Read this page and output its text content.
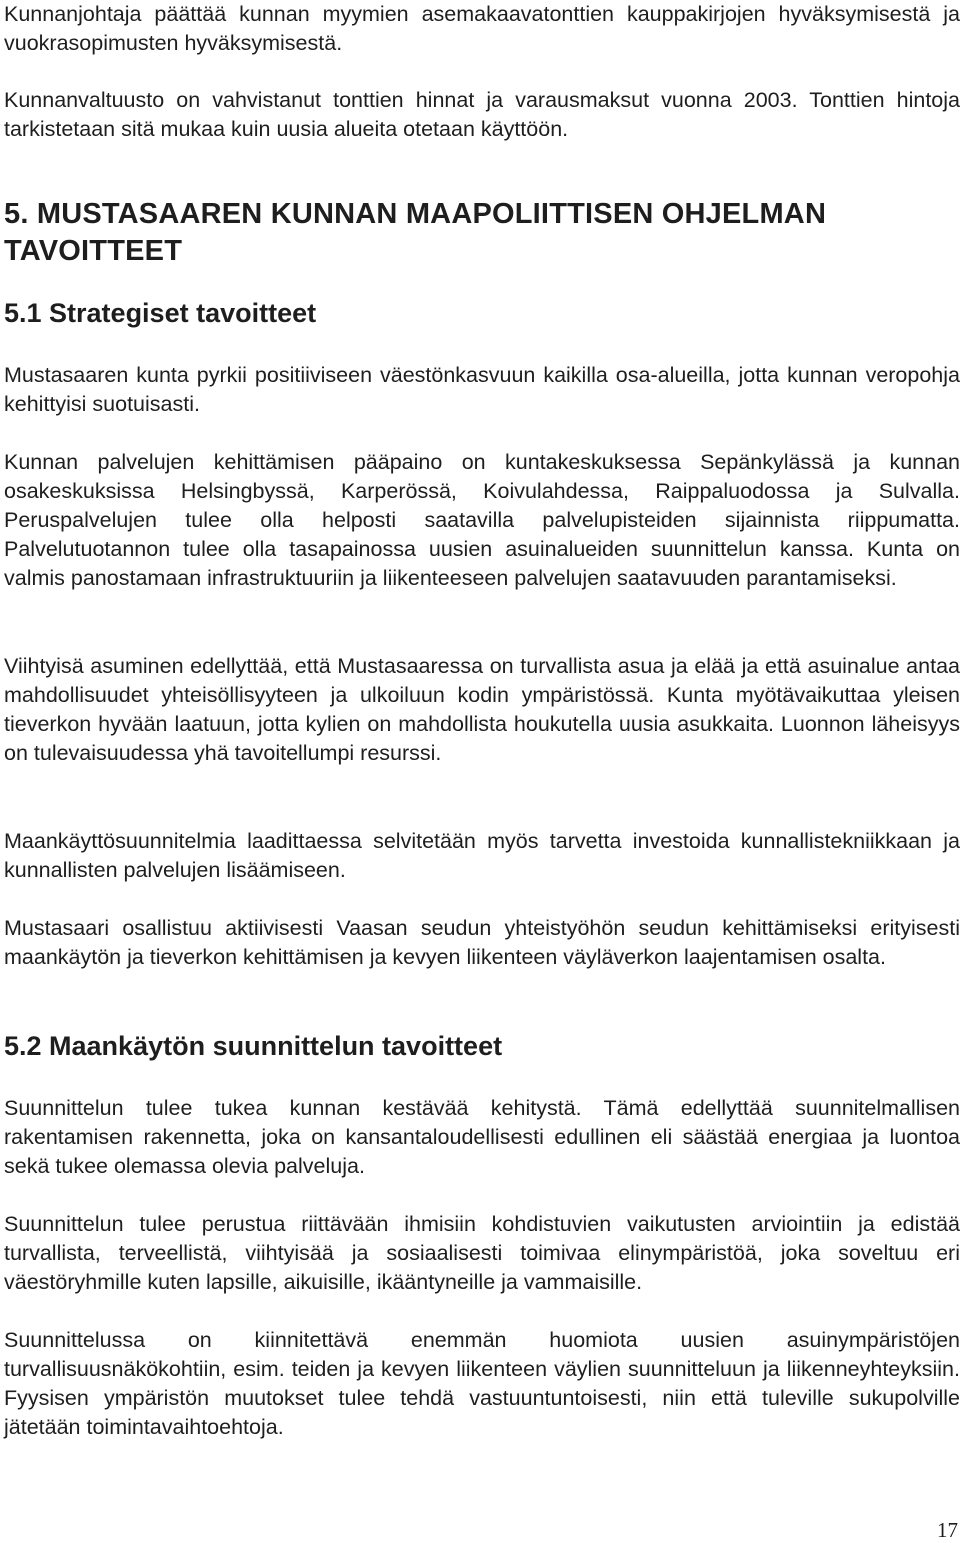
Kunnanjohtaja päättää kunnan myymien asemakaavatonttien kauppakirjojen hyväksymisestä ja vuokrasopimusten hyväksymisestä.

Kunnanvaltuusto on vahvistanut tonttien hinnat ja varausmaksut vuonna 2003. Tonttien hintoja tarkistetaan sitä mukaa kuin uusia alueita otetaan käyttöön.

5. MUSTASAAREN KUNNAN MAAPOLIITTISEN OHJELMAN TAVOITTEET
5.1 Strategiset tavoitteet

Mustasaaren kunta pyrkii positiiviseen väestönkasvuun kaikilla osa-alueilla, jotta kunnan veropohja kehittyisi suotuisasti.

Kunnan palvelujen kehittämisen pääpaino on kuntakeskuksessa Sepänkylässä ja kunnan osakeskuksissa Helsingbyssä, Karperössä, Koivulahdessa, Raippaluodossa ja Sulvalla. Peruspalvelujen tulee olla helposti saatavilla palvelupisteiden sijainnista riippumatta. Palvelutuotannon tulee olla tasapainossa uusien asuinalueiden suunnittelun kanssa. Kunta on valmis panostamaan infrastruktuuriin ja liikenteeseen palvelujen saatavuuden parantamiseksi.

Viihtyisä asuminen edellyttää, että Mustasaaressa on turvallista asua ja elää ja että asuinalue antaa mahdollisuudet yhteisöllisyyteen ja ulkoiluun kodin ympäristössä. Kunta myötävaikuttaa yleisen tieverkon hyvään laatuun, jotta kylien on mahdollista houkutella uusia asukkaita. Luonnon läheisyys on tulevaisuudessa yhä tavoitellumpi resurssi.

Maankäyttösuunnitelmia laadittaessa selvitetään myös tarvetta investoida kunnallistekniikkaan ja kunnallisten palvelujen lisäämiseen.

Mustasaari osallistuu aktiivisesti Vaasan seudun yhteistyöhön seudun kehittämiseksi erityisesti maankäytön ja tieverkon kehittämisen ja kevyen liikenteen väyläverkon laajentamisen osalta.

5.2 Maankäytön suunnittelun tavoitteet

Suunnittelun tulee tukea kunnan kestävää kehitystä. Tämä edellyttää suunnitelmallisen rakentamisen rakennetta, joka on kansantaloudellisesti edullinen eli säästää energiaa ja luontoa sekä tukee olemassa olevia palveluja.

Suunnittelun tulee perustua riittävään ihmisiin kohdistuvien vaikutusten arviointiin ja edistää turvallista, terveellistä, viihtyisää ja sosiaalisesti toimivaa elinympäristöä, joka soveltuu eri väestöryhmille kuten lapsille, aikuisille, ikääntyneille ja vammaisille.

Suunnittelussa on kiinnitettävä enemmän huomiota uusien asuinympäristöjen turvallisuusnäkökohtiin, esim. teiden ja kevyen liikenteen väylien suunnitteluun ja liikenneyhteyksiin. Fyysisen ympäristön muutokset tulee tehdä vastuuntuntoisesti, niin että tuleville sukupolville jätetään toimintavaihtoehtoja.

17
